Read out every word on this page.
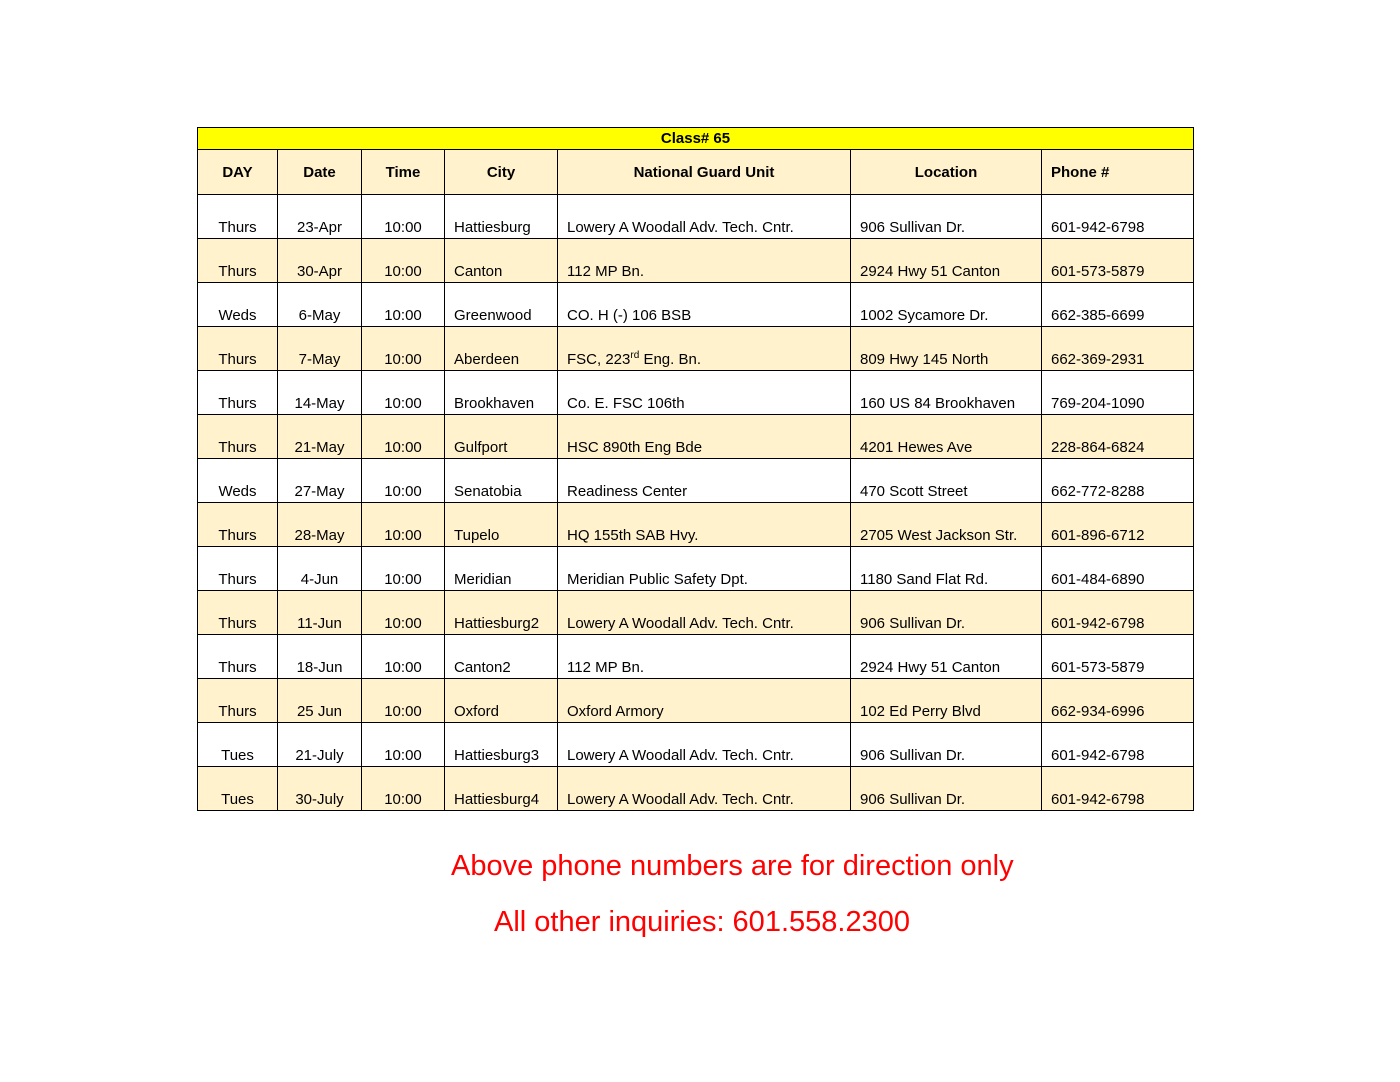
Class# 65						
DAY	Date	Time	City	National Guard Unit	Location	Phone #
Thurs	23-Apr	10:00	Hattiesburg	Lowery A Woodall Adv. Tech. Cntr.	906 Sullivan Dr.	601-942-6798
Thurs	30-Apr	10:00	Canton	112 MP Bn.	2924 Hwy 51 Canton	601-573-5879
Weds	6-May	10:00	Greenwood	CO. H (-) 106 BSB	1002 Sycamore Dr.	662-385-6699
Thurs	7-May	10:00	Aberdeen	FSC, 223rd Eng. Bn.	809 Hwy 145 North	662-369-2931
Thurs	14-May	10:00	Brookhaven	Co. E. FSC 106th	160 US 84 Brookhaven	769-204-1090
Thurs	21-May	10:00	Gulfport	HSC 890th Eng Bde	4201 Hewes Ave	228-864-6824
Weds	27-May	10:00	Senatobia	Readiness Center	470 Scott Street	662-772-8288
Thurs	28-May	10:00	Tupelo	HQ 155th SAB Hvy.	2705 West Jackson Str.	601-896-6712
Thurs	4-Jun	10:00	Meridian	Meridian Public Safety Dpt.	1180 Sand Flat Rd.	601-484-6890
Thurs	11-Jun	10:00	Hattiesburg2	Lowery A Woodall Adv. Tech. Cntr.	906 Sullivan Dr.	601-942-6798
Thurs	18-Jun	10:00	Canton2	112 MP Bn.	2924 Hwy 51 Canton	601-573-5879
Thurs	25 Jun	10:00	Oxford	Oxford Armory	102 Ed Perry Blvd	662-934-6996
Tues	21-July	10:00	Hattiesburg3	Lowery A Woodall Adv. Tech. Cntr.	906 Sullivan Dr.	601-942-6798
Tues	30-July	10:00	Hattiesburg4	Lowery A Woodall Adv. Tech. Cntr.	906 Sullivan Dr.	601-942-6798
Above phone numbers are for direction only
All other inquiries: 601.558.2300
